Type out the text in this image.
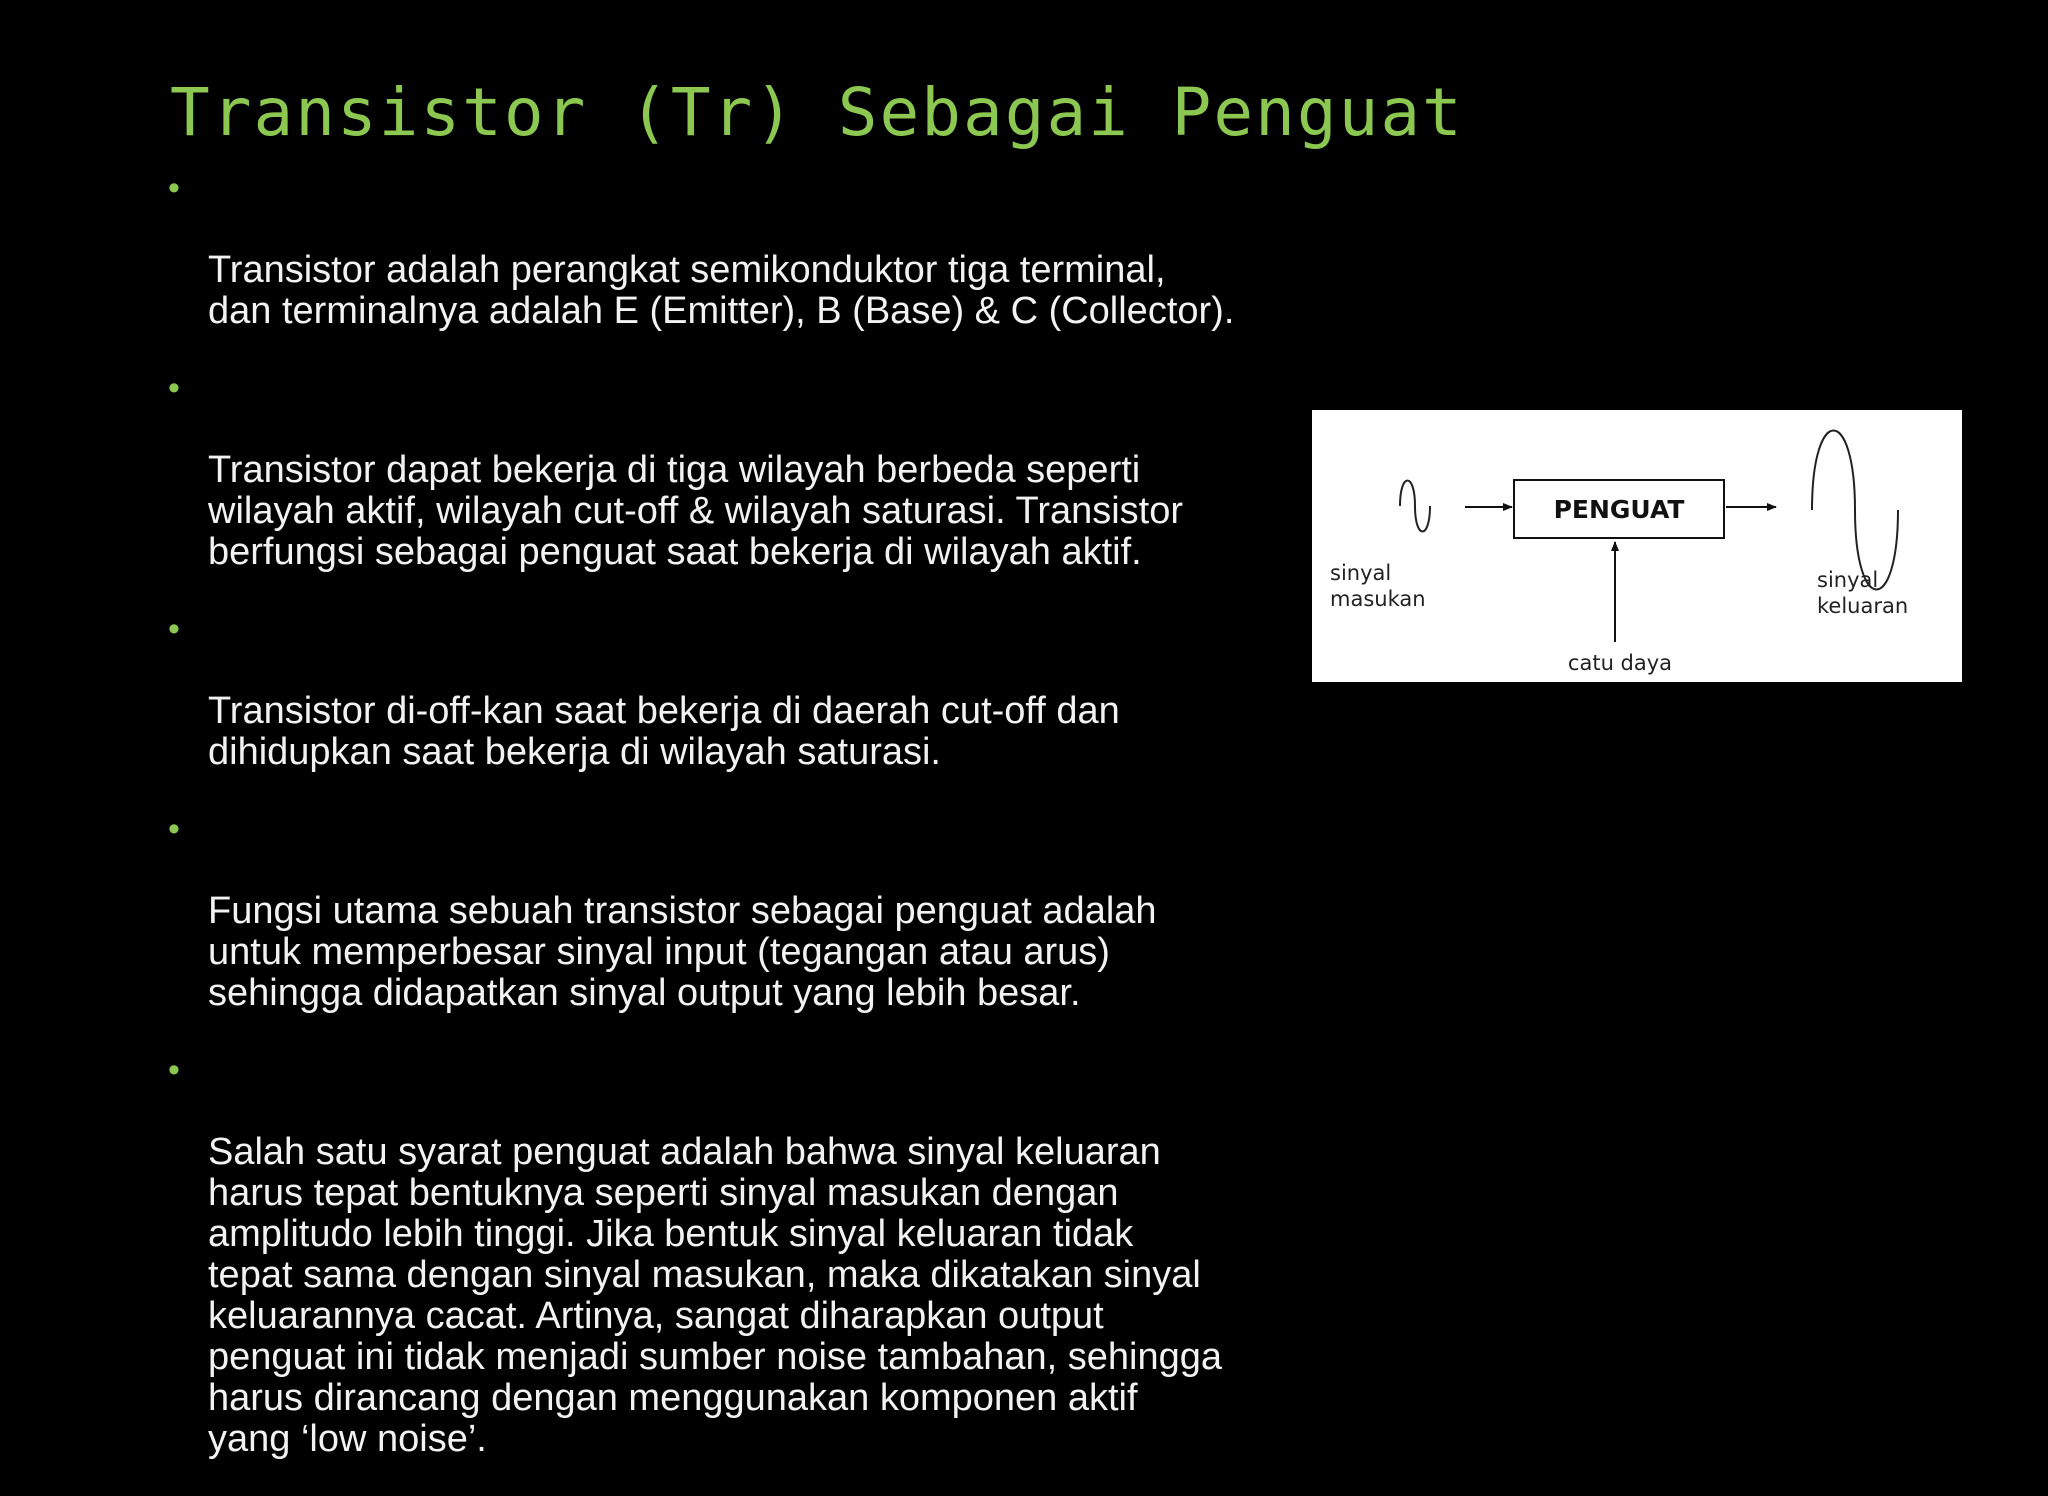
Transistor (Tr) Sebagai Penguat

•

Transistor adalah perangkat semikonduktor tiga terminal,
dan terminalnya adalah E (Emitter), B (Base) & C (Collector).

•

Transistor dapat bekerja di tiga wilayah berbeda seperti
wilayah aktif, wilayah cut-off & wilayah saturasi. Transistor
berfungsi sebagai penguat saat bekerja di wilayah aktif.

•

Transistor di-off-kan saat bekerja di daerah cut-off dan
dihidupkan saat bekerja di wilayah saturasi.

•

Fungsi utama sebuah transistor sebagai penguat adalah
untuk memperbesar sinyal input (tegangan atau arus)
sehingga didapatkan sinyal output yang lebih besar.

•

Salah satu syarat penguat adalah bahwa sinyal keluaran
harus tepat bentuknya seperti sinyal masukan dengan
amplitudo lebih tinggi. Jika bentuk sinyal keluaran tidak
tepat sama dengan sinyal masukan, maka dikatakan sinyal
keluarannya cacat. Artinya, sangat diharapkan output
penguat ini tidak menjadi sumber noise tambahan, sehingga
harus dirancang dengan menggunakan komponen aktif
yang ‘low noise’.

PENGUAT
sinyal
masukan
sinyal
keluaran
catu daya
